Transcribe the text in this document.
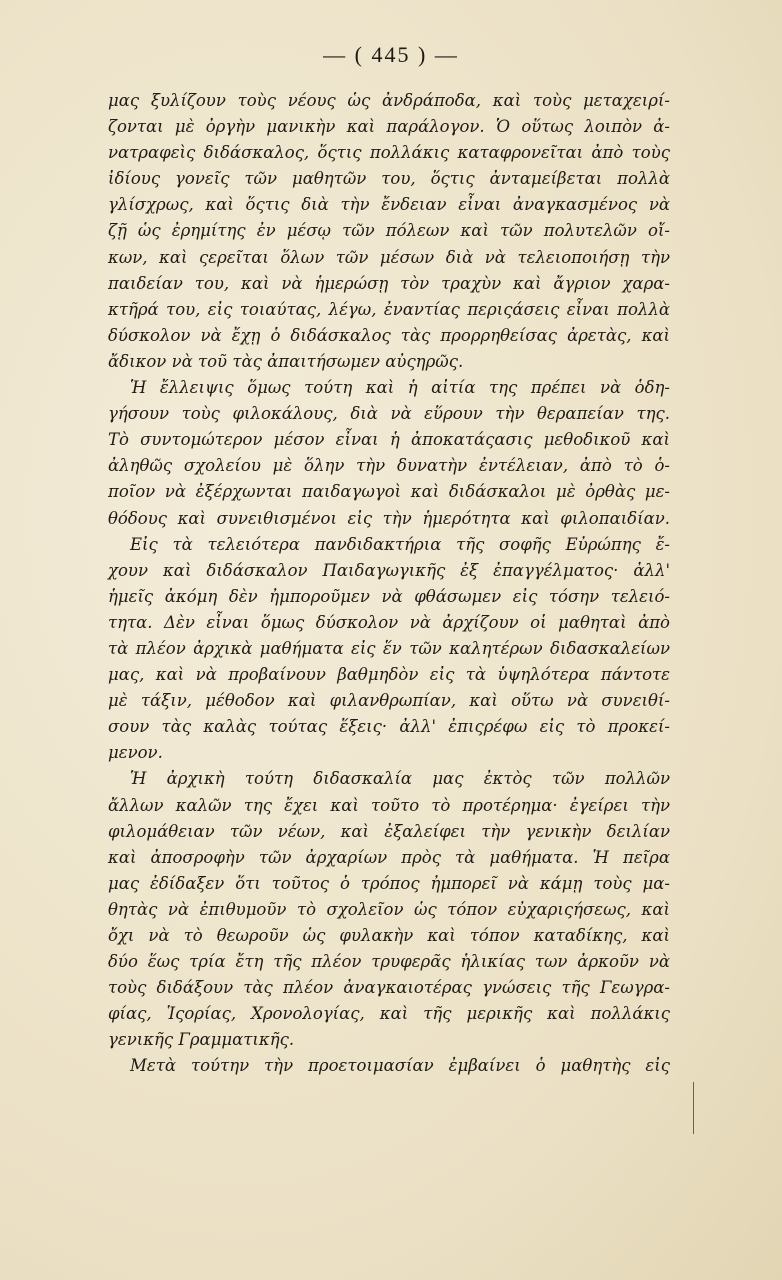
— ( 445 ) —
μας ξυλίζουν τοὺς νέους ὡς ἀνδράποδα, καὶ τοὺς μεταχειρί-
ζονται μὲ ὀργὴν μανικὴν καὶ παράλογον. Ὁ οὕτως λοιπὸν ἀ-
νατραφεὶς διδάσκαλος, ὅςτις πολλάκις καταφρονεῖται ἀπὸ τοὺς
ἰδίους γονεῖς τῶν μαθητῶν του, ὅςτις ἀνταμείβεται πολλὰ
γλίσχρως, καὶ ὅςτις διὰ τὴν ἔνδειαν εἶναι ἀναγκασμένος νὰ
ζῇ ὡς ἐρημίτης ἐν μέσῳ τῶν πόλεων καὶ τῶν πολυτελῶν οἴ-
κων, καὶ ςερεῖται ὅλων τῶν μέσων διὰ νὰ τελειοποιήσῃ τὴν
παιδείαν του, καὶ νὰ ἡμερώσῃ τὸν τραχὺν καὶ ἄγριον χαρα-
κτῆρά του, εἰς τοιαύτας, λέγω, ἐναντίας περιςάσεις εἶναι πολλὰ
δύσκολον νὰ ἔχῃ ὁ διδάσκαλος τὰς προρρηθείσας ἀρετὰς, καὶ
ἄδικον νὰ τοῦ τὰς ἀπαιτήσωμεν αὐςηρῶς.
Ἡ ἔλλειψις ὅμως τούτη καὶ ἡ αἰτία της πρέπει νὰ ὁδη-
γήσουν τοὺς φιλοκάλους, διὰ νὰ εὕρουν τὴν θεραπείαν της.
Τὸ συντομώτερον μέσον εἶναι ἡ ἀποκατάςασις μεθοδικοῦ καὶ
ἀληθῶς σχολείου μὲ ὅλην τὴν δυνατὴν ἐντέλειαν, ἀπὸ τὸ ὁ-
ποῖον νὰ ἐξέρχωνται παιδαγωγοὶ καὶ διδάσκαλοι μὲ ὀρθὰς με-
θόδους καὶ συνειθισμένοι εἰς τὴν ἡμερότητα καὶ φιλοπαιδίαν.
Εἰς τὰ τελειότερα πανδιδακτήρια τῆς σοφῆς Εὐρώπης ἔ-
χουν καὶ διδάσκαλον Παιδαγωγικῆς ἐξ ἐπαγγέλματος· ἀλλ'
ἡμεῖς ἀκόμη δὲν ἠμποροῦμεν νὰ φθάσωμεν εἰς τόσην τελειό-
τητα. Δὲν εἶναι ὅμως δύσκολον νὰ ἀρχίζουν οἱ μαθηταὶ ἀπὸ
τὰ πλέον ἀρχικὰ μαθήματα εἰς ἕν τῶν καλητέρων διδασκαλείων
μας, καὶ νὰ προβαίνουν βαθμηδὸν εἰς τὰ ὑψηλότερα πάντοτε
μὲ τάξιν, μέθοδον καὶ φιλανθρωπίαν, καὶ οὕτω νὰ συνειθί-
σουν τὰς καλὰς τούτας ἕξεις· ἀλλ' ἐπιςρέφω εἰς τὸ προκεί-
μενον.
Ἡ ἀρχικὴ τούτη διδασκαλία μας ἐκτὸς τῶν πολλῶν
ἄλλων καλῶν της ἔχει καὶ τοῦτο τὸ προτέρημα· ἐγείρει τὴν
φιλομάθειαν τῶν νέων, καὶ ἐξαλείφει τὴν γενικὴν δειλίαν
καὶ ἀποσροφὴν τῶν ἀρχαρίων πρὸς τὰ μαθήματα. Ἡ πεῖρα
μας ἐδίδαξεν ὅτι τοῦτος ὁ τρόπος ἠμπορεῖ νὰ κάμῃ τοὺς μα-
θητὰς νὰ ἐπιθυμοῦν τὸ σχολεῖον ὡς τόπον εὐχαριςήσεως, καὶ
ὄχι νὰ τὸ θεωροῦν ὡς φυλακὴν καὶ τόπον καταδίκης, καὶ
δύο ἕως τρία ἔτη τῆς πλέον τρυφερᾶς ἡλικίας των ἀρκοῦν νὰ
τοὺς διδάξουν τὰς πλέον ἀναγκαιοτέρας γνώσεις τῆς Γεωγρα-
φίας, Ἱςορίας, Χρονολογίας, καὶ τῆς μερικῆς καὶ πολλάκις
γενικῆς Γραμματικῆς.
Μετὰ τούτην τὴν προετοιμασίαν ἐμβαίνει ὁ μαθητὴς εἰς
